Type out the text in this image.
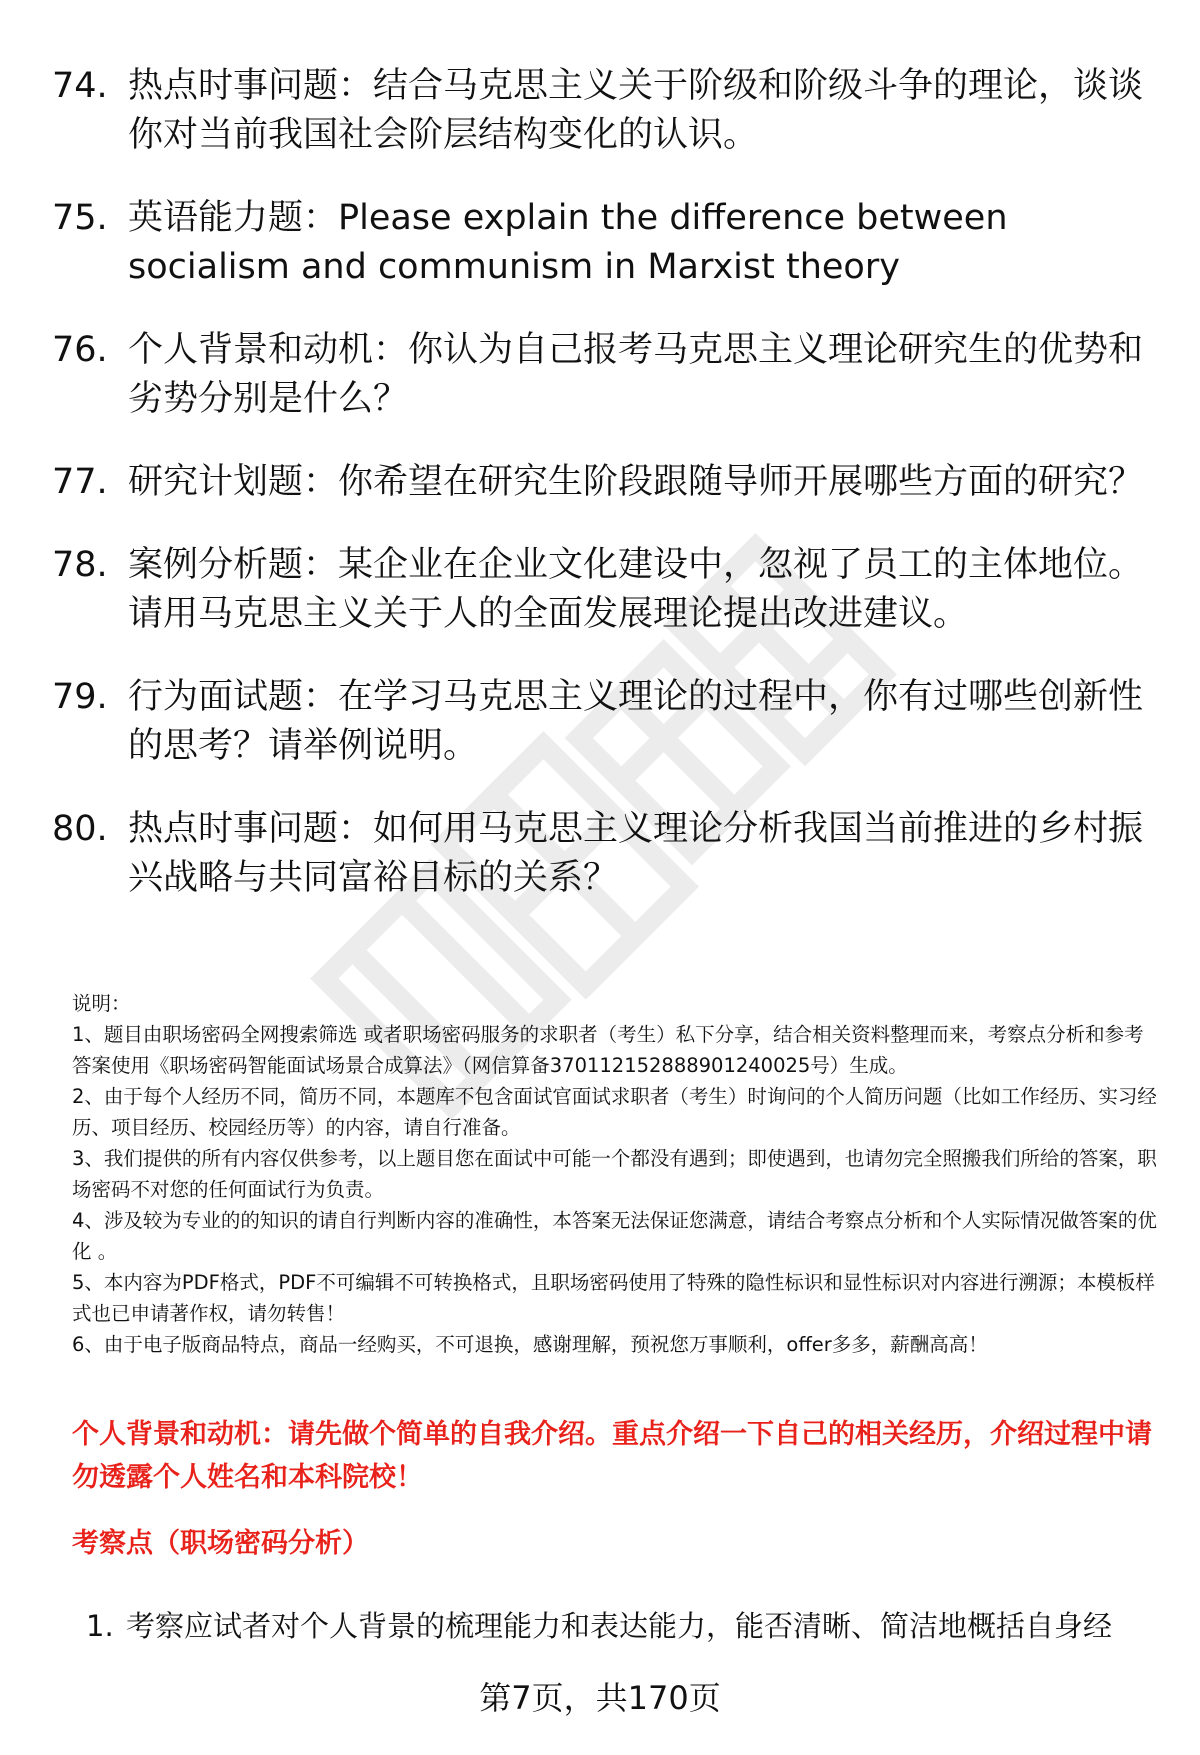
74. 热点时事问题：结合马克思主义关于阶级和阶级斗争的理论，谈谈你对当前我国社会阶层结构变化的认识。
75. 英语能力题：Please explain the difference between socialism and communism in Marxist theory
76. 个人背景和动机：你认为自己报考马克思主义理论研究生的优势和劣势分别是什么？
77. 研究计划题：你希望在研究生阶段跟随导师开展哪些方面的研究？
78. 案例分析题：某企业在企业文化建设中，忽视了员工的主体地位。请用马克思主义关于人的全面发展理论提出改进建议。
79. 行为面试题：在学习马克思主义理论的过程中，你有过哪些创新性的思考？请举例说明。
80. 热点时事问题：如何用马克思主义理论分析我国当前推进的乡村振兴战略与共同富裕目标的关系？

说明：

1、题目由职场密码全网搜索筛选 或者职场密码服务的求职者（考生）私下分享，结合相关资料整理而来，考察点分析和参考答案使用《职场密码智能面试场景合成算法》（网信算备370112152888901240025号）生成。

2、由于每个人经历不同，简历不同，本题库不包含面试官面试求职者（考生）时询问的个人简历问题（比如工作经历、实习经历、项目经历、校园经历等）的内容，请自行准备。

3、我们提供的所有内容仅供参考，以上题目您在面试中可能一个都没有遇到；即使遇到，也请勿完全照搬我们所给的答案，职场密码不对您的任何面试行为负责。

4、涉及较为专业的的知识的请自行判断内容的准确性，本答案无法保证您满意，请结合考察点分析和个人实际情况做答案的优化 。

5、本内容为PDF格式，PDF不可编辑不可转换格式，且职场密码使用了特殊的隐性标识和显性标识对内容进行溯源；本模板样式也已申请著作权，请勿转售！

6、由于电子版商品特点，商品一经购买，不可退换，感谢理解，预祝您万事顺利，offer多多，薪酬高高！

个人背景和动机：请先做个简单的自我介绍。重点介绍一下自己的相关经历，介绍过程中请勿透露个人姓名和本科院校！
考察点（职场密码分析）
1. 考察应试者对个人背景的梳理能力和表达能力，能否清晰、简洁地概括自身经
第7页，共170页
